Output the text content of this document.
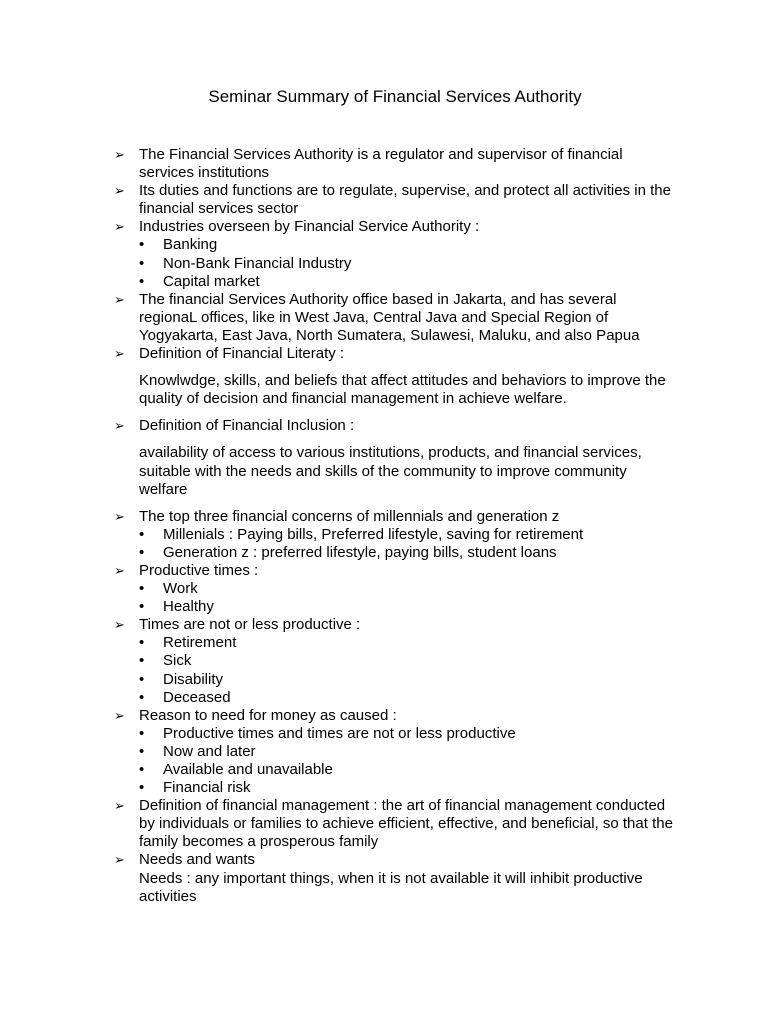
Seminar Summary of Financial Services Authority
➢ The Financial Services Authority is a regulator and supervisor of financial services institutions
➢ Its duties and functions are to regulate, supervise, and protect all activities in the financial services sector
➢ Industries overseen by Financial Service Authority :
• Banking
• Non-Bank Financial Industry
• Capital market
➢ The financial Services Authority office based in Jakarta, and has several regionaL offices, like in West Java, Central Java and Special Region of Yogyakarta, East Java, North Sumatera, Sulawesi, Maluku, and also Papua
➢ Definition of Financial Literaty :
Knowlwdge, skills, and beliefs that affect attitudes and behaviors to improve the quality of decision and financial management in achieve welfare.
➢ Definition of Financial Inclusion :
availability of access to various institutions, products, and financial services, suitable with the needs and skills of the community to improve community welfare
➢ The top three financial concerns of millennials and generation z
• Millenials : Paying bills, Preferred lifestyle, saving for retirement
• Generation z : preferred lifestyle, paying bills, student loans
➢ Productive times :
• Work
• Healthy
➢ Times are not or less productive :
• Retirement
• Sick
• Disability
• Deceased
➢ Reason to need for money as caused :
• Productive times and times are not or less productive
• Now and later
• Available and unavailable
• Financial risk
➢ Definition of financial management : the art of financial management conducted by individuals or families to achieve efficient, effective, and beneficial, so that the family becomes a prosperous family
➢ Needs and wants
Needs : any important things, when it is not available it will inhibit productive activities
